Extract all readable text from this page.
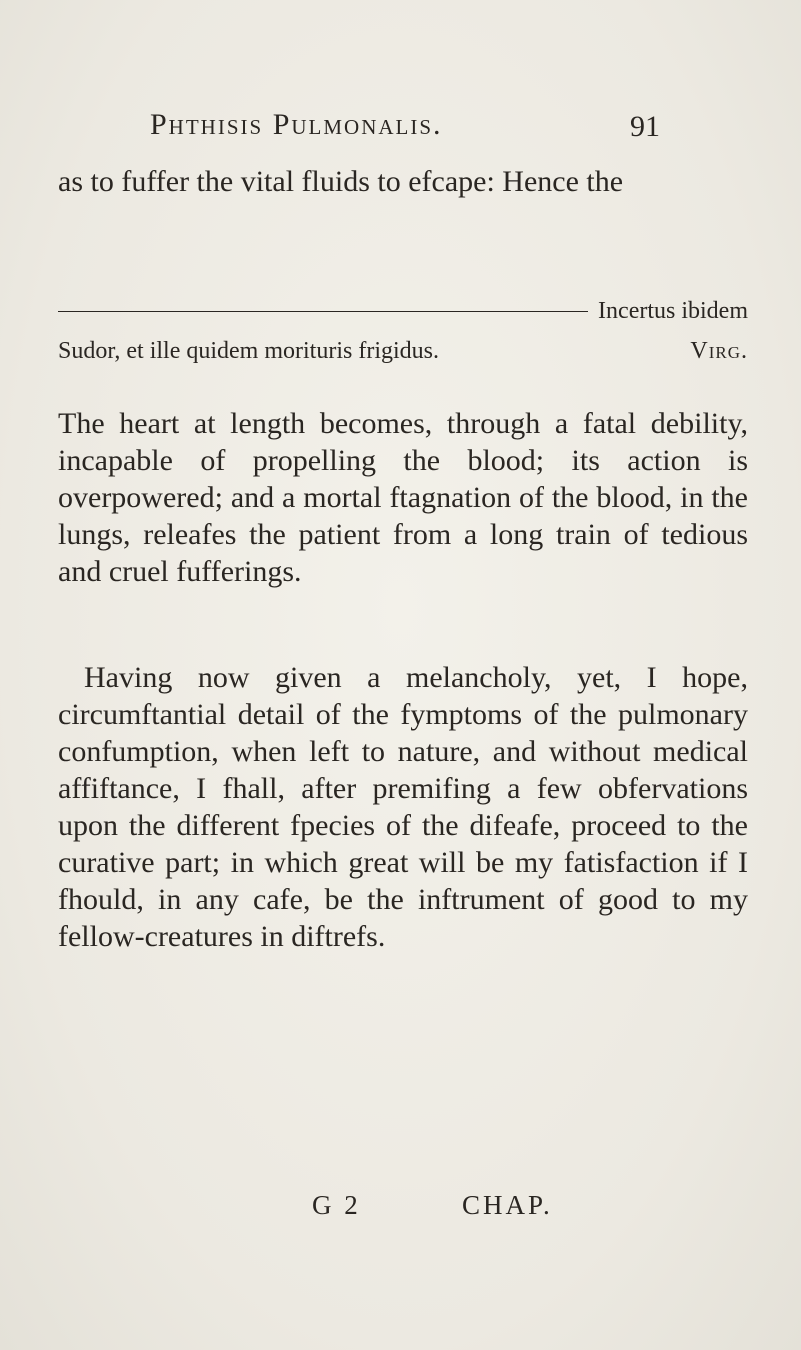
Phthisis Pulmonalis.	91

as to fuffer the vital fluids to efcape: Hence the

Incertus ibidem
Sudor, et ille quidem morituris frigidus.	Virg.

The heart at length becomes, through a fatal debility, incapable of propelling the blood; its action is overpowered; and a mortal ftagnation of the blood, in the lungs, releafes the patient from a long train of tedious and cruel fufferings.

Having now given a melancholy, yet, I hope, circumftantial detail of the fymptoms of the pulmonary confumption, when left to nature, and without medical affiftance, I fhall, after premifing a few obfervations upon the different fpecies of the difeafe, proceed to the curative part; in which great will be my fatisfaction if I fhould, in any cafe, be the inftrument of good to my fellow-creatures in diftrefs.

G 2	CHAP.
